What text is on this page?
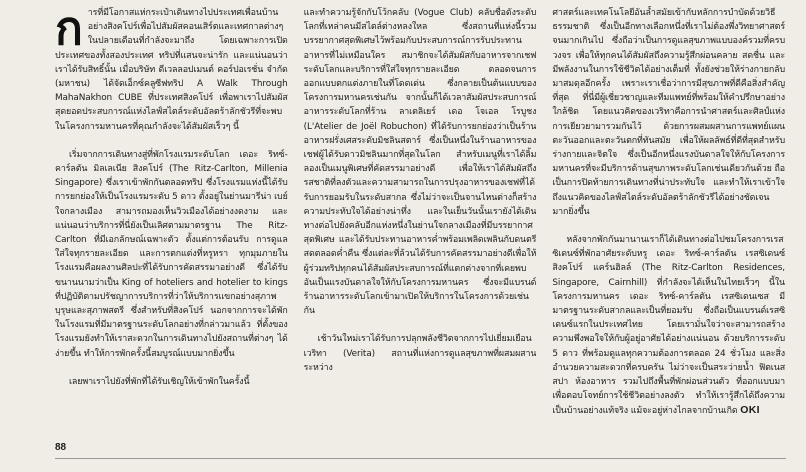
ก ารที่มีโอกาสแห่กระเป๋าเดินทางไปประเทศเพื่อนบ้านอย่างสิงคโปร์เพื่อไปสัมผัสคอนเสิร์ตและเทศกาลต่างๆ ในปลายเดือนที่กำลังจะมาถึง โดยเฉพาะการเปิดประเทศของทั้งสองประเทศ ทริปที่แสนจะน่ารัก และแน่นอนว่าเราได้รับสิทธิ์นั้น เมื่อบริษัท ดีเวลลอปเมนต์ คอร์ปอเรชั่น จำกัด (มหาชน) ได้จัดเอ็กซ์คลูซีฟทริป A Walk Through MahaNakhon CUBE ที่ประเทศสิงคโปร์ เพื่อพาเราไปสัมผัสสุดยอดประสบการณ์แห่งไลฟ์สไตล์ระดับอัลตร้าลักชัวรีที่จะพบในโครงการมหานครที่คุณกำลังจะได้สัมผัสเร็วๆ นี้

เริ่มจากการเดินทางสู่ที่พักโรงแรมระดับโลก เดอะ ริทซ์-คาร์ลตัน มิลเลเนีย สิงคโปร์ (The Ritz-Carlton, Millenia Singapore) ซึ่งเราเข้าพักกันตลอดทริป ซึ่งโรงแรมแห่งนี้ได้รับการยกย่องให้เป็นโรงแรมระดับ 5 ดาว ตั้งอยู่ในย่านมารีน่า เบย์ ใจกลางเมือง สามารถมองเห็นวิวเมืองได้อย่างงดงาม และแน่นอนว่าบริการที่นี่ยังเป็นเลิศตามมาตรฐาน The Ritz-Carlton ที่มีเอกลักษณ์เฉพาะตัว ตั้งแต่การต้อนรับ การดูแลใส่ใจทุกรายละเอียด และการตกแต่งที่หรูหรา ทุกมุมภายในโรงแรมคือผลงานศิลปะที่ได้รับการคัดสรรมาอย่างดี ซึ่งได้รับขนานนามว่าเป็น King of hoteliers and hotelier to kings ที่ปฏิบัติตามปรัชญาการบริการที่ว่าให้บริการแขกอย่างสุภาพบุรุษและสุภาพสตรี ซึ่งสำหรับที่สิงคโปร์ นอกจากการจะได้พักในโรงแรมที่มีมาตรฐานระดับโลกอย่างที่กล่าวมาแล้ว ที่ตั้งของโรงแรมยังทำให้เราสะดวกในการเดินทางไปยังสถานที่ต่างๆ ได้ง่ายขึ้น ทำให้การพักครั้งนี้สมบูรณ์แบบมากยิ่งขึ้น

เลยพาเราไปยังที่พักที่ได้รับเชิญให้เข้าพักในครั้งนี้

และทำความรู้จักกับโว้กคลับ (Vogue Club) คลับชื่อดังระดับโลกที่เหล่าคนมีสไตล์ต่างหลงใหล ซึ่งสถานที่แห่งนี้รวมบรรยากาศสุดพิเศษไว้พร้อมกับประสบการณ์การรับประทานอาหารที่ไม่เหมือนใคร สมาชิกจะได้สัมผัสกับอาหารจากเชฟระดับโลกและบริการที่ใส่ใจทุกรายละเอียด ตลอดจนการออกแบบตกแต่งภายในที่โดดเด่น ซึ่งกลายเป็นต้นแบบของโครงการมหานครเช่นกัน จากนั้นก็ได้เวลาสัมผัสประสบการณ์อาหารระดับโลกที่ร้าน ลาเตลิเยร์ เดอ โจเอล โรบูชง (L'Atelier de Joël Robuchon) ที่ได้รับการยกย่องว่าเป็นร้านอาหารฝรั่งเศสระดับมิชลินสตาร์ ซึ่งเป็นหนึ่งในร้านอาหารของเชฟผู้ได้รับดาวมิชลินมากที่สุดในโลก สำหรับเมนูที่เราได้ลิ้มลองเป็นเมนูพิเศษที่คัดสรรมาอย่างดี เพื่อให้เราได้สัมผัสถึงรสชาติที่ลงตัวและความสามารถในการปรุงอาหารของเชฟที่ได้รับการยอมรับในระดับสากล ซึ่งไม่ว่าจะเป็นจานไหนต่างก็สร้างความประทับใจได้อย่างน่าทึ่ง และในเย็นวันนั้นเรายังได้เดินทางต่อไปยังคลับอีกแห่งหนึ่งในย่านใจกลางเมืองที่มีบรรยากาศสุดพิเศษ และได้รับประทานอาหารค่ำพร้อมเพลิดเพลินกับดนตรีสดตลอดค่ำคืน ซึ่งแต่ละที่ล้วนได้รับการคัดสรรมาอย่างดีเพื่อให้ผู้ร่วมทริปทุกคนได้สัมผัสประสบการณ์ที่แตกต่างจากที่เคยพบ อันเป็นแรงบันดาลใจให้กับโครงการมหานคร ซึ่งจะมีแบรนด์ร้านอาหารระดับโลกเข้ามาเปิดให้บริการในโครงการด้วยเช่นกัน

เช้าวันใหม่เราได้รับการปลุกพลังชีวิตจากการไปเยี่ยมเยือนเวริทา (Verita) สถานที่แห่งการดูแลสุขภาพที่ผสมผสานระหว่าง

ศาสตร์และเทคโนโลยีอันล้ำสมัยเข้ากับหลักการบำบัดด้วยวิธีธรรมชาติ ซึ่งเป็นอีกทางเลือกหนึ่งที่เราไม่ต้องพึ่งวิทยาศาสตร์จนมากเกินไป ซึ่งถือว่าเป็นการดูแลสุขภาพแบบองค์รวมที่ครบวงจร เพื่อให้ทุกคนได้สัมผัสถึงความรู้สึกผ่อนคลาย สดชื่น และมีพลังงานในการใช้ชีวิตได้อย่างเต็มที่ ทั้งยังช่วยให้ร่างกายกลับมาสมดุลอีกครั้ง เพราะเราเชื่อว่าการมีสุขภาพที่ดีคือสิ่งสำคัญที่สุด ที่นี่มีผู้เชี่ยวชาญและทีมแพทย์ที่พร้อมให้คำปรึกษาอย่างใกล้ชิด โดยแนวคิดของเวริทาคือการนำศาสตร์และศิลป์แห่งการเยียวยามารวมกันไว้ ด้วยการผสมผสานการแพทย์แผนตะวันออกและตะวันตกที่ทันสมัย เพื่อให้ผลลัพธ์ที่ดีที่สุดสำหรับร่างกายและจิตใจ ซึ่งเป็นอีกหนึ่งแรงบันดาลใจให้กับโครงการมหานครที่จะมีบริการด้านสุขภาพระดับโลกเช่นเดียวกันด้วย ถือเป็นการปิดท้ายการเดินทางที่น่าประทับใจ และทำให้เราเข้าใจถึงแนวคิดของไลฟ์สไตล์ระดับอัลตร้าลักชัวรีได้อย่างชัดเจนมากยิ่งขึ้น

หลังจากพักกันมานานเราก็ได้เดินทางต่อไปชมโครงการเรสซิเดนซ์ที่พักอาศัยระดับหรู เดอะ ริทซ์-คาร์ลตัน เรสซิเดนซ์ สิงคโปร์ แคร์นฮิลล์ (The Ritz-Carlton Residences, Singapore, Cairnhill) ที่กำลังจะได้เห็นในไทยเร็วๆ นี้ในโครงการมหานคร เดอะ ริทซ์-คาร์ลตัน เรสซิเดนเซส มีมาตรฐานระดับสากลและเป็นที่ยอมรับ ซึ่งถือเป็นแบรนด์เรสซิเดนซ์แรกในประเทศไทย โดยเรามั่นใจว่าจะสามารถสร้างความพึงพอใจให้กับผู้อยู่อาศัยได้อย่างแน่นอน ด้วยบริการระดับ 5 ดาว ที่พร้อมดูแลทุกความต้องการตลอด 24 ชั่วโมง และสิ่งอำนวยความสะดวกที่ครบครัน ไม่ว่าจะเป็นสระว่ายน้ำ ฟิตเนส สปา ห้องอาหาร รวมไปถึงพื้นที่พักผ่อนส่วนตัว ที่ออกแบบมาเพื่อตอบโจทย์การใช้ชีวิตอย่างลงตัว ทำให้เรารู้สึกได้ถึงความเป็นบ้านอย่างแท้จริง แม้จะอยู่ห่างไกลจากบ้านเกิด OKI

88
